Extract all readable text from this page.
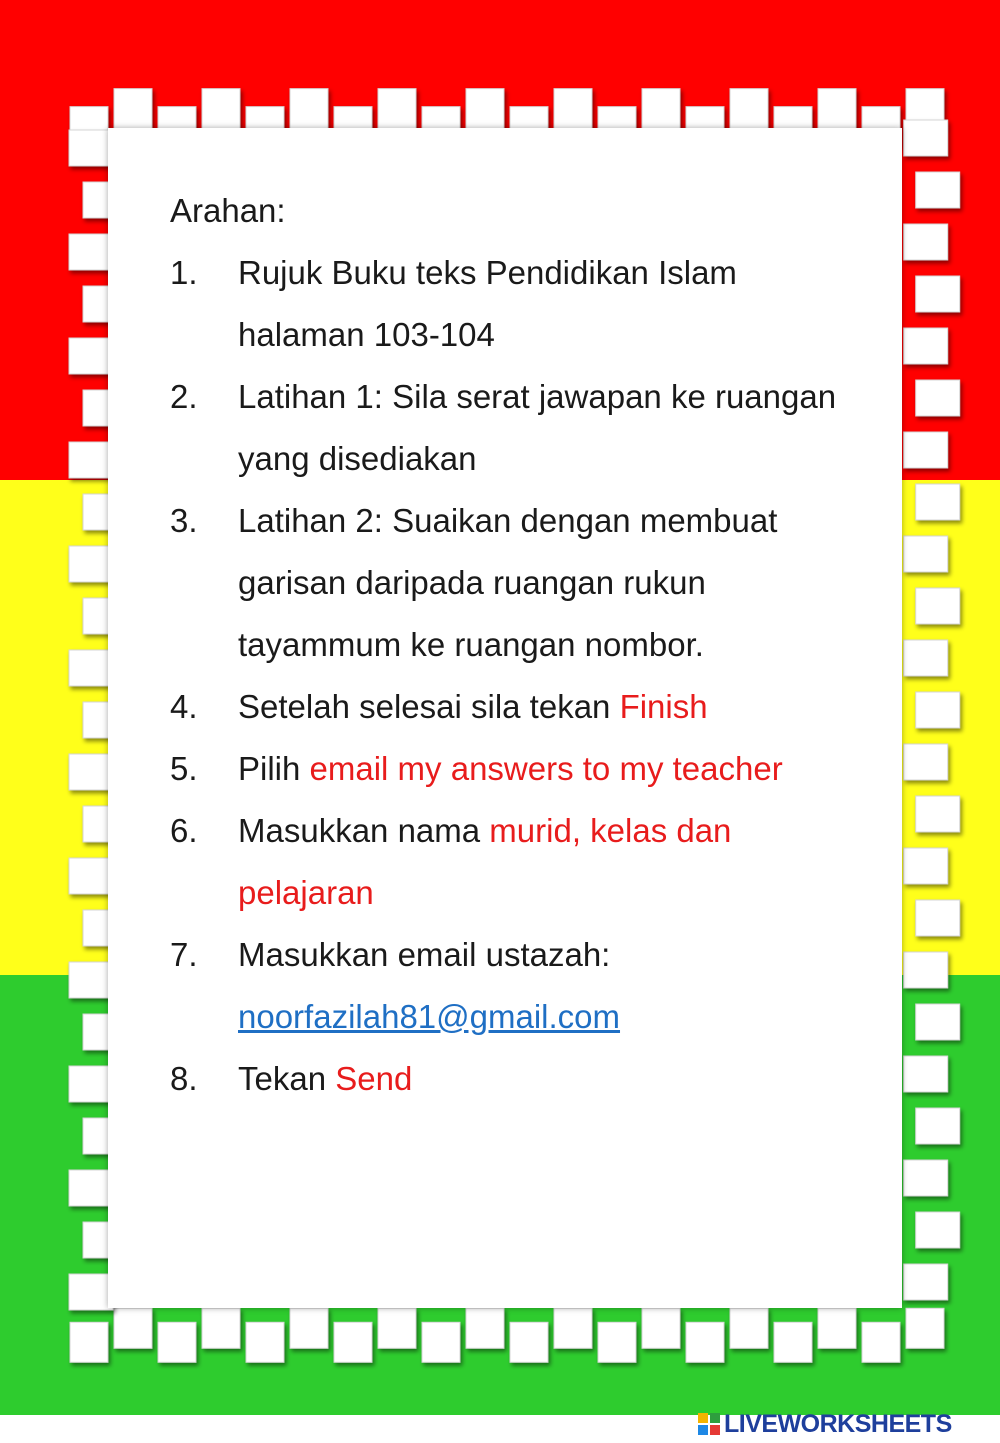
Arahan:
1.	Rujuk Buku teks Pendidikan Islam halaman 103-104
2.	Latihan 1: Sila serat jawapan ke ruangan yang disediakan
3.	Latihan 2: Suaikan dengan membuat garisan daripada ruangan rukun tayammum ke ruangan nombor.
4.	Setelah selesai sila tekan Finish
5.	Pilih email my answers to my teacher
6.	Masukkan nama murid, kelas dan pelajaran
7.	Masukkan email ustazah: noorfazilah81@gmail.com
8.	Tekan Send
LIVEWORKSHEETS
